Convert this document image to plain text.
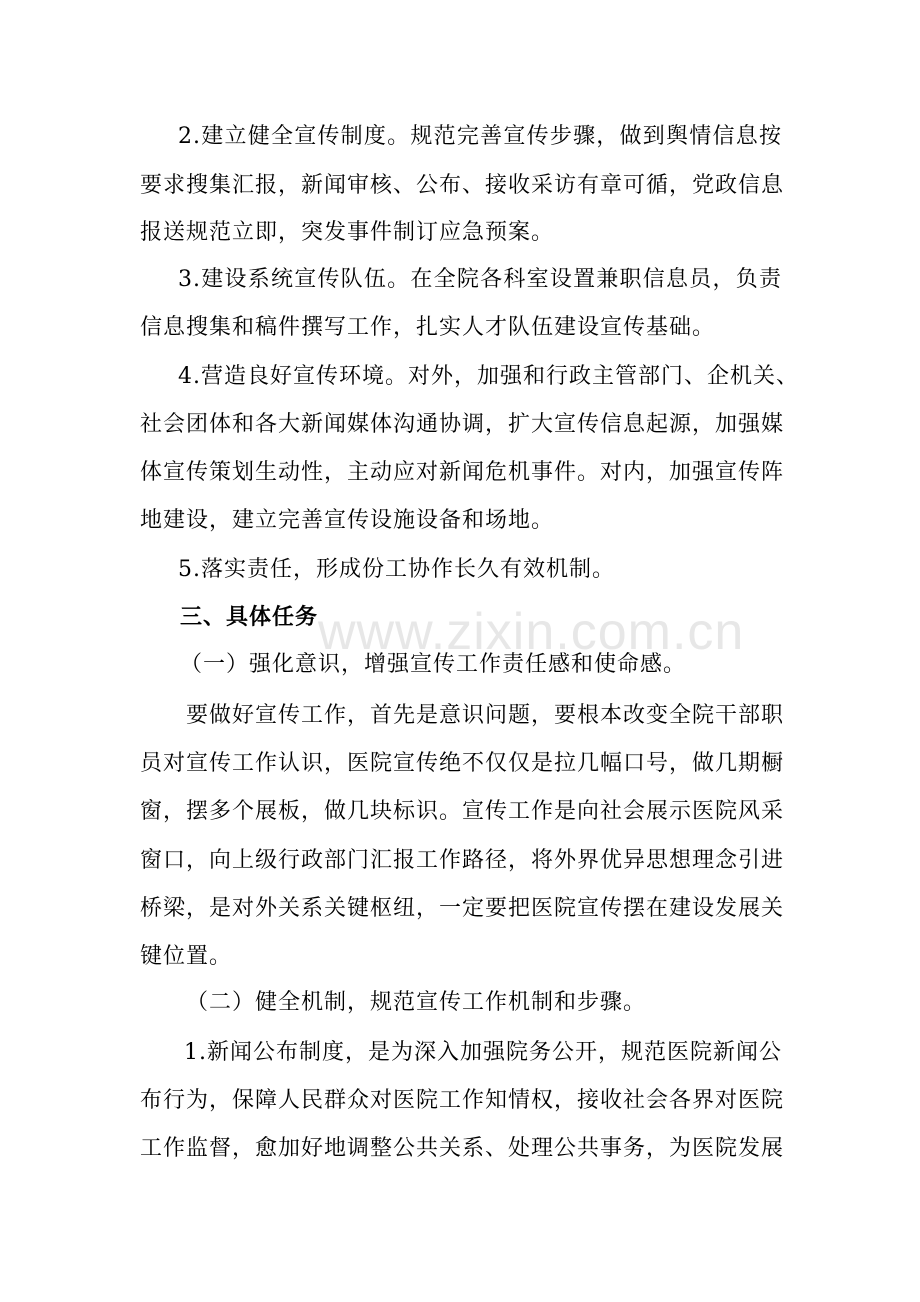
www.zixin.com.cn
2.建立健全宣传制度。规范完善宣传步骤，做到舆情信息按
要求搜集汇报，新闻审核、公布、接收采访有章可循，党政信息
报送规范立即，突发事件制订应急预案。
3.建设系统宣传队伍。在全院各科室设置兼职信息员，负责
信息搜集和稿件撰写工作，扎实人才队伍建设宣传基础。
4.营造良好宣传环境。对外，加强和行政主管部门、企机关、
社会团体和各大新闻媒体沟通协调，扩大宣传信息起源，加强媒
体宣传策划生动性，主动应对新闻危机事件。对内，加强宣传阵
地建设，建立完善宣传设施设备和场地。
5.落实责任，形成份工协作长久有效机制。
三、具体任务
（一）强化意识，增强宣传工作责任感和使命感。
要做好宣传工作，首先是意识问题，要根本改变全院干部职
员对宣传工作认识，医院宣传绝不仅仅是拉几幅口号，做几期橱
窗，摆多个展板，做几块标识。宣传工作是向社会展示医院风采
窗口，向上级行政部门汇报工作路径，将外界优异思想理念引进
桥梁，是对外关系关键枢纽，一定要把医院宣传摆在建设发展关
键位置。
（二）健全机制，规范宣传工作机制和步骤。
1.新闻公布制度，是为深入加强院务公开，规范医院新闻公
布行为，保障人民群众对医院工作知情权，接收社会各界对医院
工作监督，愈加好地调整公共关系、处理公共事务，为医院发展
